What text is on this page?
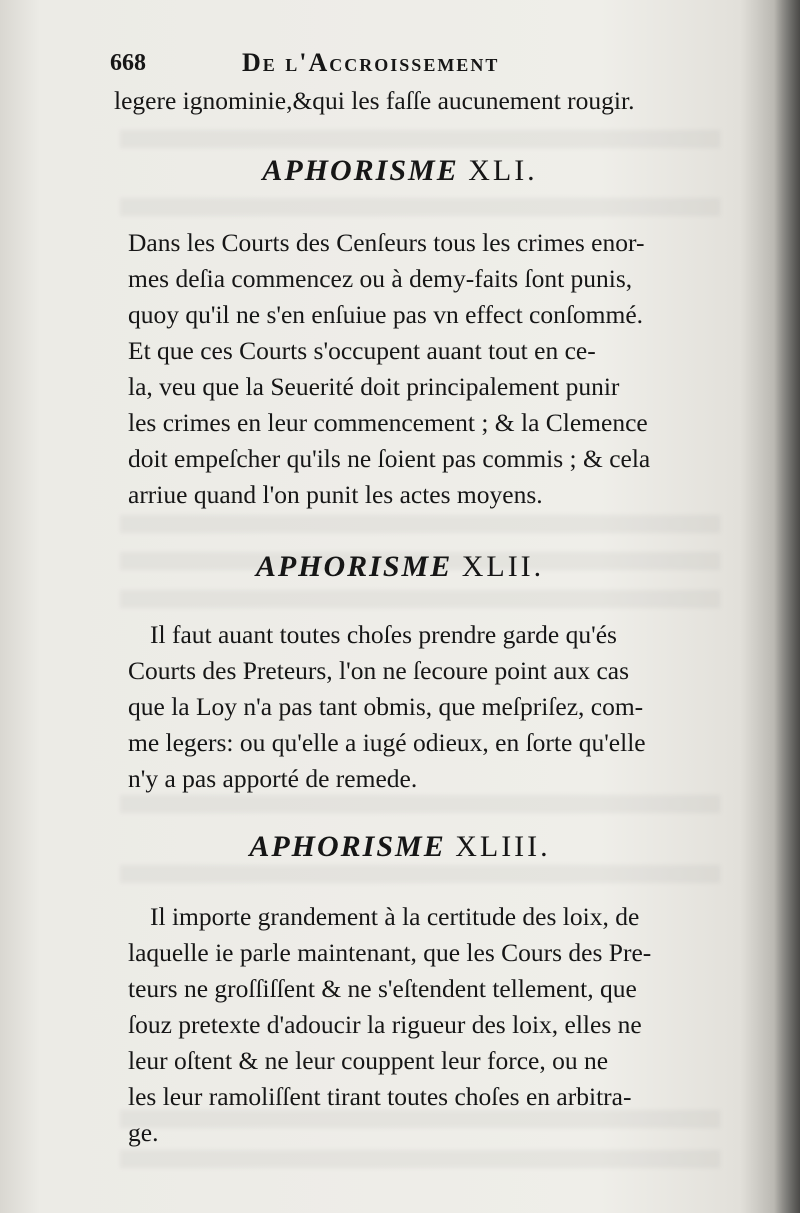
668	De l'Accroissement
legere ignominie,&qui les faſſe aucunement rougir.
APHORISME XLI.
Dans les Courts des Cenſeurs tous les crimes enor-
mes deſia commencez ou à demy-faits ſont punis,
quoy qu'il ne s'en enſuiue pas vn effect conſommé.
Et que ces Courts s'occupent auant tout en ce-
la, veu que la Seuerité doit principalement punir
les crimes en leur commencement ; & la Clemence
doit empeſcher qu'ils ne ſoient pas commis ; & cela
arriue quand l'on punit les actes moyens.
APHORISME XLII.
Il faut auant toutes choſes prendre garde qu'és
Courts des Preteurs, l'on ne ſecoure point aux cas
que la Loy n'a pas tant obmis, que meſpriſez, com-
me legers: ou qu'elle a iugé odieux, en ſorte qu'elle
n'y a pas apporté de remede.
APHORISME XLIII.
Il importe grandement à la certitude des loix, de
laquelle ie parle maintenant, que les Cours des Pre-
teurs ne groſſiſſent & ne s'eſtendent tellement, que
ſouz pretexte d'adoucir la rigueur des loix, elles ne
leur oſtent & ne leur couppent leur force, ou ne
les leur ramoliſſent tirant toutes choſes en arbitra-
ge.
